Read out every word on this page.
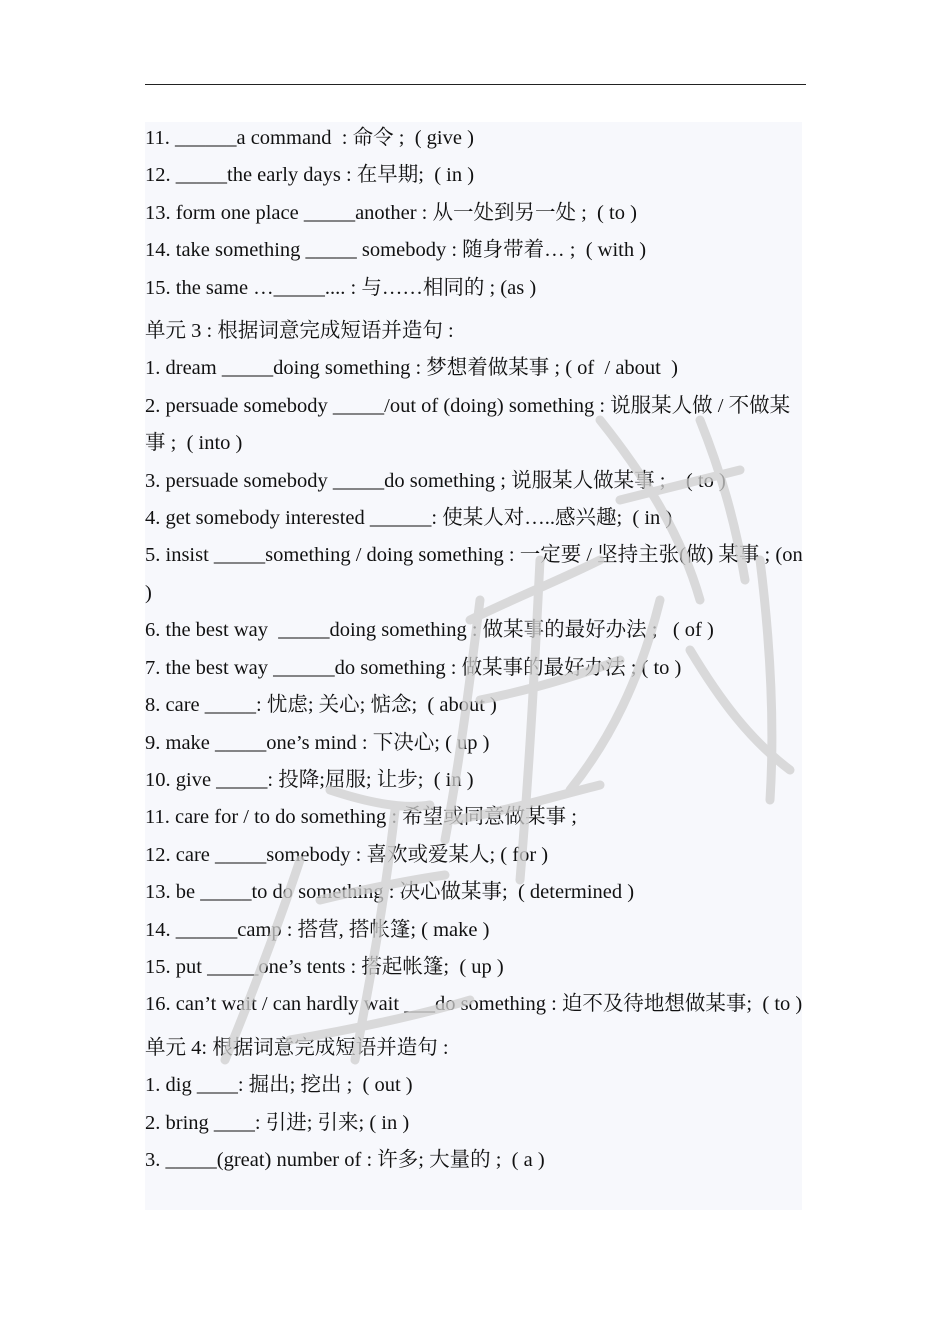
11. ______a command  : 命令 ;  ( give )
12. _____the early days : 在早期;  ( in )
13. form one place _____another : 从一处到另一处 ;  ( to )
14. take something _____ somebody : 随身带着… ;  ( with )
15. the same …_____.... : 与……相同的 ; (as )
单元 3 : 根据词意完成短语并造句 :
1. dream _____doing something : 梦想着做某事 ; ( of  / about  )
2. persuade somebody _____/out of (doing) something : 说服某人做 / 不做某事 ;  ( into )
3. persuade somebody _____do something ; 说服某人做某事 ;    ( to )
4. get somebody interested ______: 使某人对…..感兴趣;  ( in )
5. insist _____something / doing something : 一定要 / 坚持主张(做) 某事 ; (on )
6. the best way  _____doing something : 做某事的最好办法 ;   ( of )
7. the best way ______do something : 做某事的最好办法 ; ( to )
8. care _____: 忧虑; 关心; 惦念;  ( about )
9. make _____one’s mind : 下决心; ( up )
10. give _____: 投降;屈服; 让步;  ( in )
11. care for / to do something : 希望或同意做某事 ;
12. care _____somebody : 喜欢或爱某人; ( for )
13. be _____to do something : 决心做某事;  ( determined )
14. ______camp : 搭营, 搭帐篷; ( make )
15. put _____one’s tents : 搭起帐篷;  ( up )
16. can’t wait / can hardly wait ___do something : 迫不及待地想做某事;  ( to )
单元 4: 根据词意完成短语并造句 :
1. dig ____: 掘出; 挖出 ;  ( out )
2. bring ____: 引进; 引来; ( in )
3. _____(great) number of : 许多; 大量的 ;  ( a )
